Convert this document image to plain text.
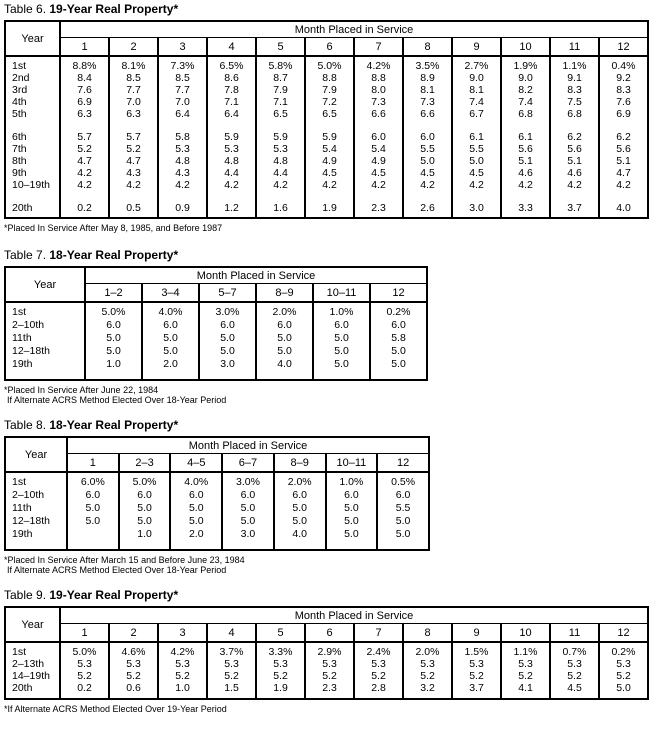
Table 6. 19-Year Real Property*
Year	Month Placed in Service											
	1	2	3	4	5	6	7	8	9	10	11	12
1st	8.8%	8.1%	7.3%	6.5%	5.8%	5.0%	4.2%	3.5%	2.7%	1.9%	1.1%	0.4%
2nd	8.4	8.5	8.5	8.6	8.7	8.8	8.8	8.9	9.0	9.0	9.1	9.2
3rd	7.6	7.7	7.7	7.8	7.9	7.9	8.0	8.1	8.1	8.2	8.3	8.3
4th	6.9	7.0	7.0	7.1	7.1	7.2	7.3	7.3	7.4	7.4	7.5	7.6
5th	6.3	6.3	6.4	6.4	6.5	6.5	6.6	6.6	6.7	6.8	6.8	6.9

6th	5.7	5.7	5.8	5.9	5.9	5.9	6.0	6.0	6.1	6.1	6.2	6.2
7th	5.2	5.2	5.3	5.3	5.3	5.4	5.4	5.5	5.5	5.6	5.6	5.6
8th	4.7	4.7	4.8	4.8	4.8	4.9	4.9	5.0	5.0	5.1	5.1	5.1
9th	4.2	4.3	4.3	4.4	4.4	4.5	4.5	4.5	4.5	4.6	4.6	4.7
10–19th	4.2	4.2	4.2	4.2	4.2	4.2	4.2	4.2	4.2	4.2	4.2	4.2

20th	0.2	0.5	0.9	1.2	1.6	1.9	2.3	2.6	3.0	3.3	3.7	4.0
*Placed In Service After May 8, 1985, and Before 1987
Table 7. 18-Year Real Property*
Year	Month Placed in Service					
	1–2	3–4	5–7	8–9	10–11	12
1st	5.0%	4.0%	3.0%	2.0%	1.0%	0.2%
2–10th	6.0	6.0	6.0	6.0	6.0	6.0
11th	5.0	5.0	5.0	5.0	5.0	5.8
12–18th	5.0	5.0	5.0	5.0	5.0	5.0
19th	1.0	2.0	3.0	4.0	5.0	5.0
*Placed In Service After June 22, 1984
If Alternate ACRS Method Elected Over 18-Year Period
Table 8. 18-Year Real Property*
Year	Month Placed in Service						
	1	2–3	4–5	6–7	8–9	10–11	12
1st	6.0%	5.0%	4.0%	3.0%	2.0%	1.0%	0.5%
2–10th	6.0	6.0	6.0	6.0	6.0	6.0	6.0
11th	5.0	5.0	5.0	5.0	5.0	5.0	5.5
12–18th	5.0	5.0	5.0	5.0	5.0	5.0	5.0
19th		1.0	2.0	3.0	4.0	5.0	5.0
*Placed In Service After March 15 and Before June 23, 1984
If Alternate ACRS Method Elected Over 18-Year Period
Table 9. 19-Year Real Property*
Year	Month Placed in Service											
	1	2	3	4	5	6	7	8	9	10	11	12
1st	5.0%	4.6%	4.2%	3.7%	3.3%	2.9%	2.4%	2.0%	1.5%	1.1%	0.7%	0.2%
2–13th	5.3	5.3	5.3	5.3	5.3	5.3	5.3	5.3	5.3	5.3	5.3	5.3
14–19th	5.2	5.2	5.2	5.2	5.2	5.2	5.2	5.2	5.2	5.2	5.2	5.2
20th	0.2	0.6	1.0	1.5	1.9	2.3	2.8	3.2	3.7	4.1	4.5	5.0
*If Alternate ACRS Method Elected Over 19-Year Period
